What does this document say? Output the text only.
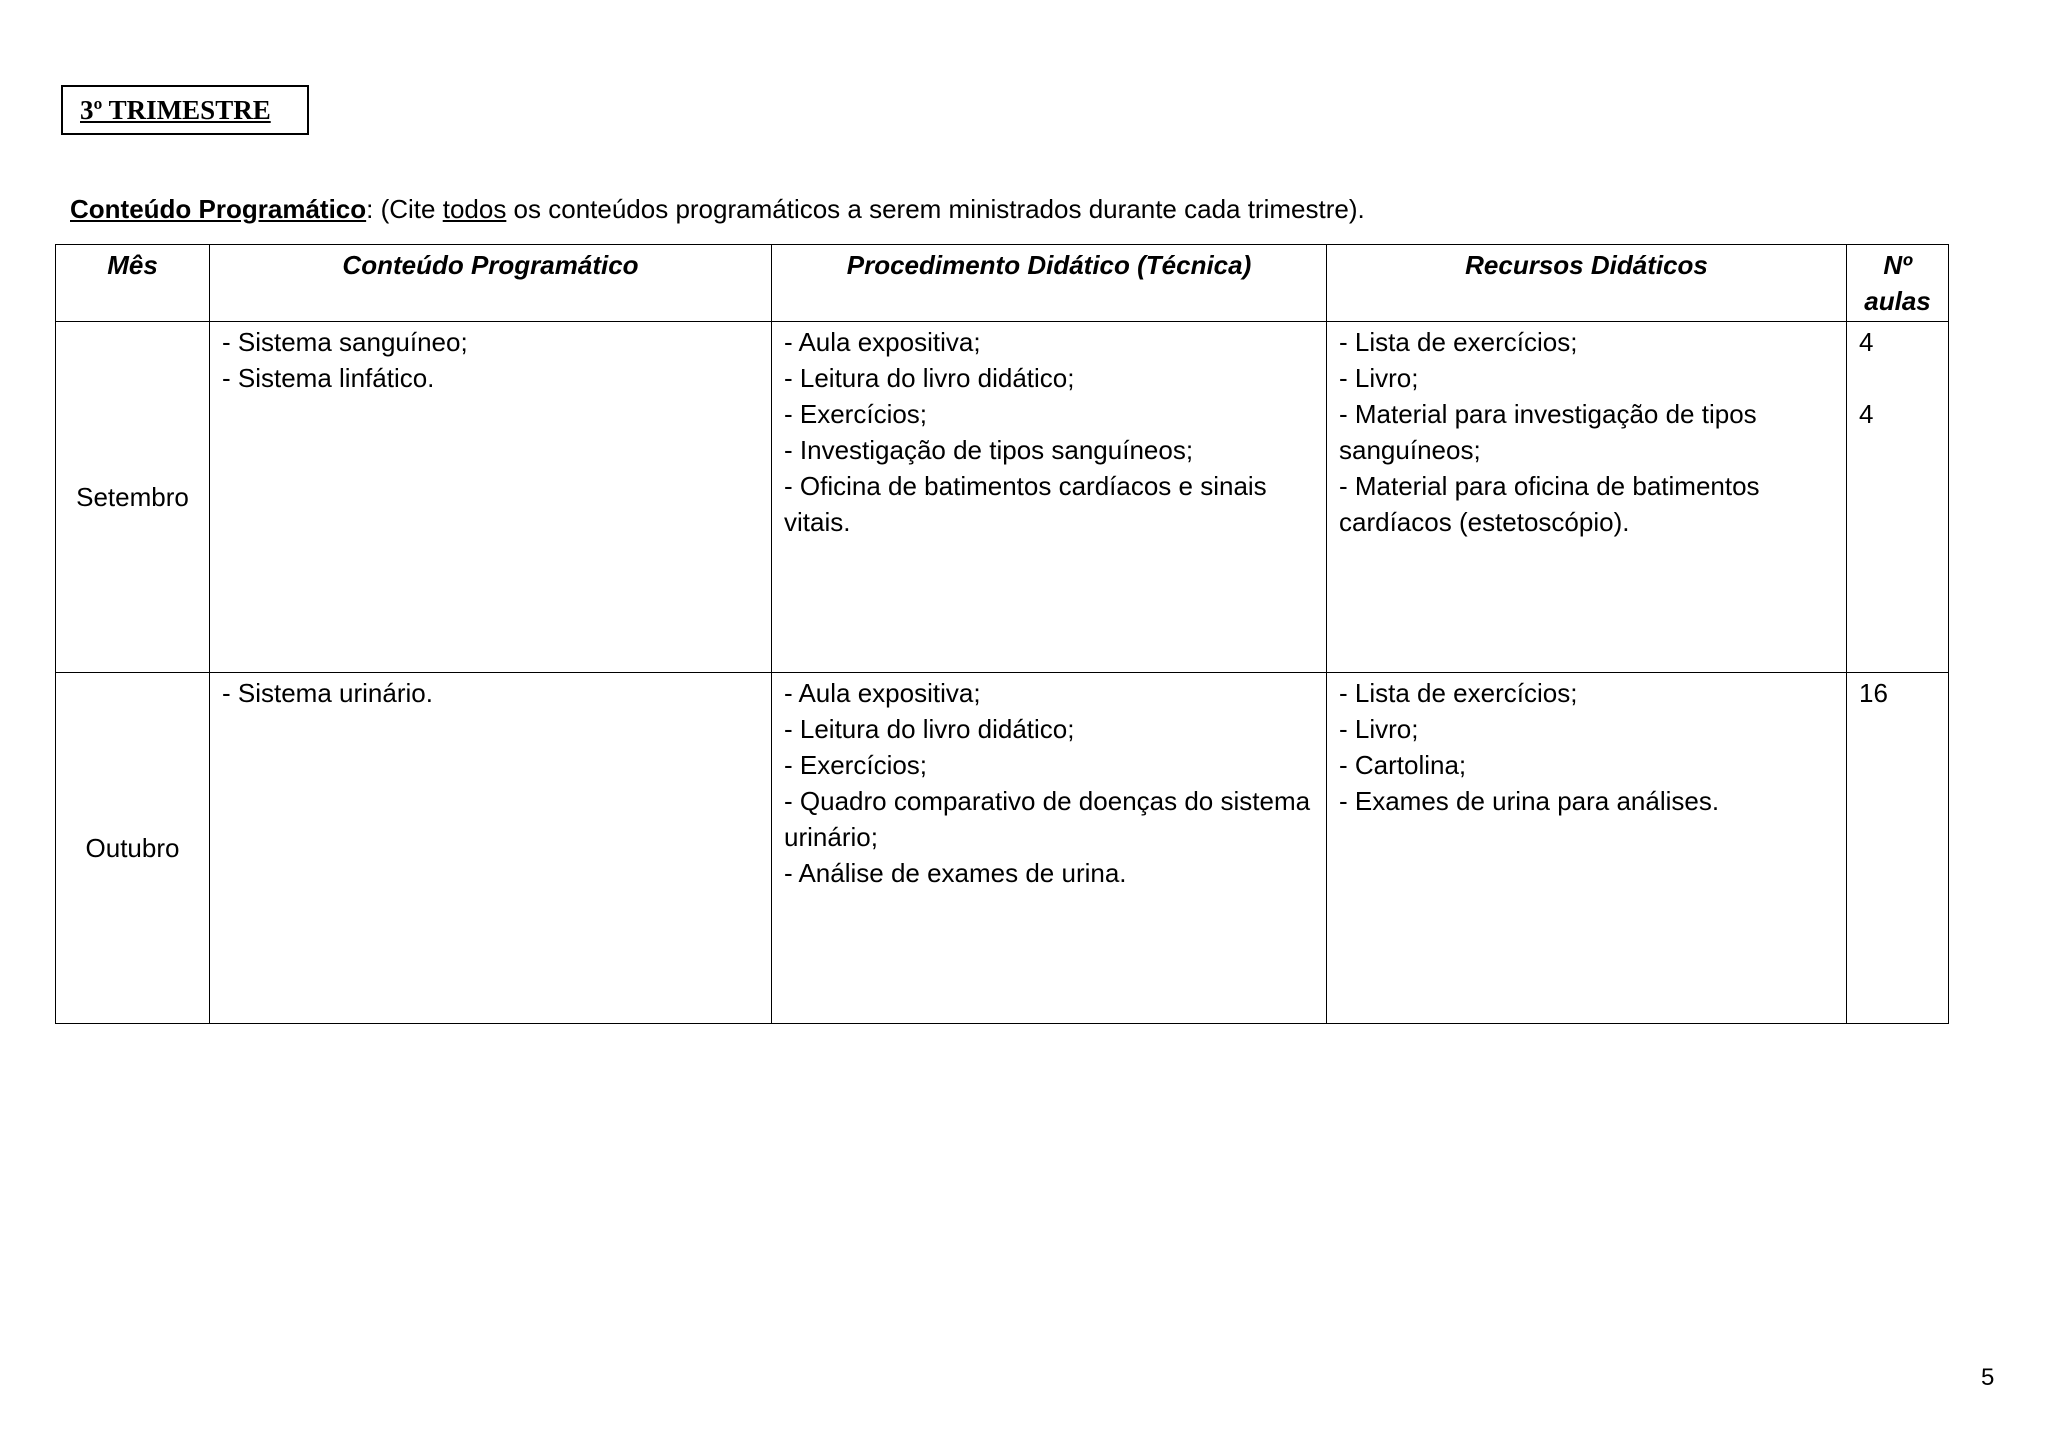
3º TRIMESTRE
Conteúdo Programático: (Cite todos os conteúdos programáticos a serem ministrados durante cada trimestre).
Mês	Conteúdo Programático	Procedimento Didático (Técnica)	Recursos Didáticos	Nº
aulas

Setembro	- Sistema sanguíneo;
- Sistema linfático.	- Aula expositiva;
- Leitura do livro didático;
- Exercícios;
- Investigação de tipos sanguíneos;
- Oficina de batimentos cardíacos e sinais vitais.	- Lista de exercícios;
- Livro;
- Material para investigação de tipos sanguíneos;
- Material para oficina de batimentos cardíacos (estetoscópio).	4
4

Outubro	- Sistema urinário.	- Aula expositiva;
- Leitura do livro didático;
- Exercícios;
- Quadro comparativo de doenças do sistema urinário;
- Análise de exames de urina.	- Lista de exercícios;
- Livro;
- Cartolina;
- Exames de urina para análises.	16
5
